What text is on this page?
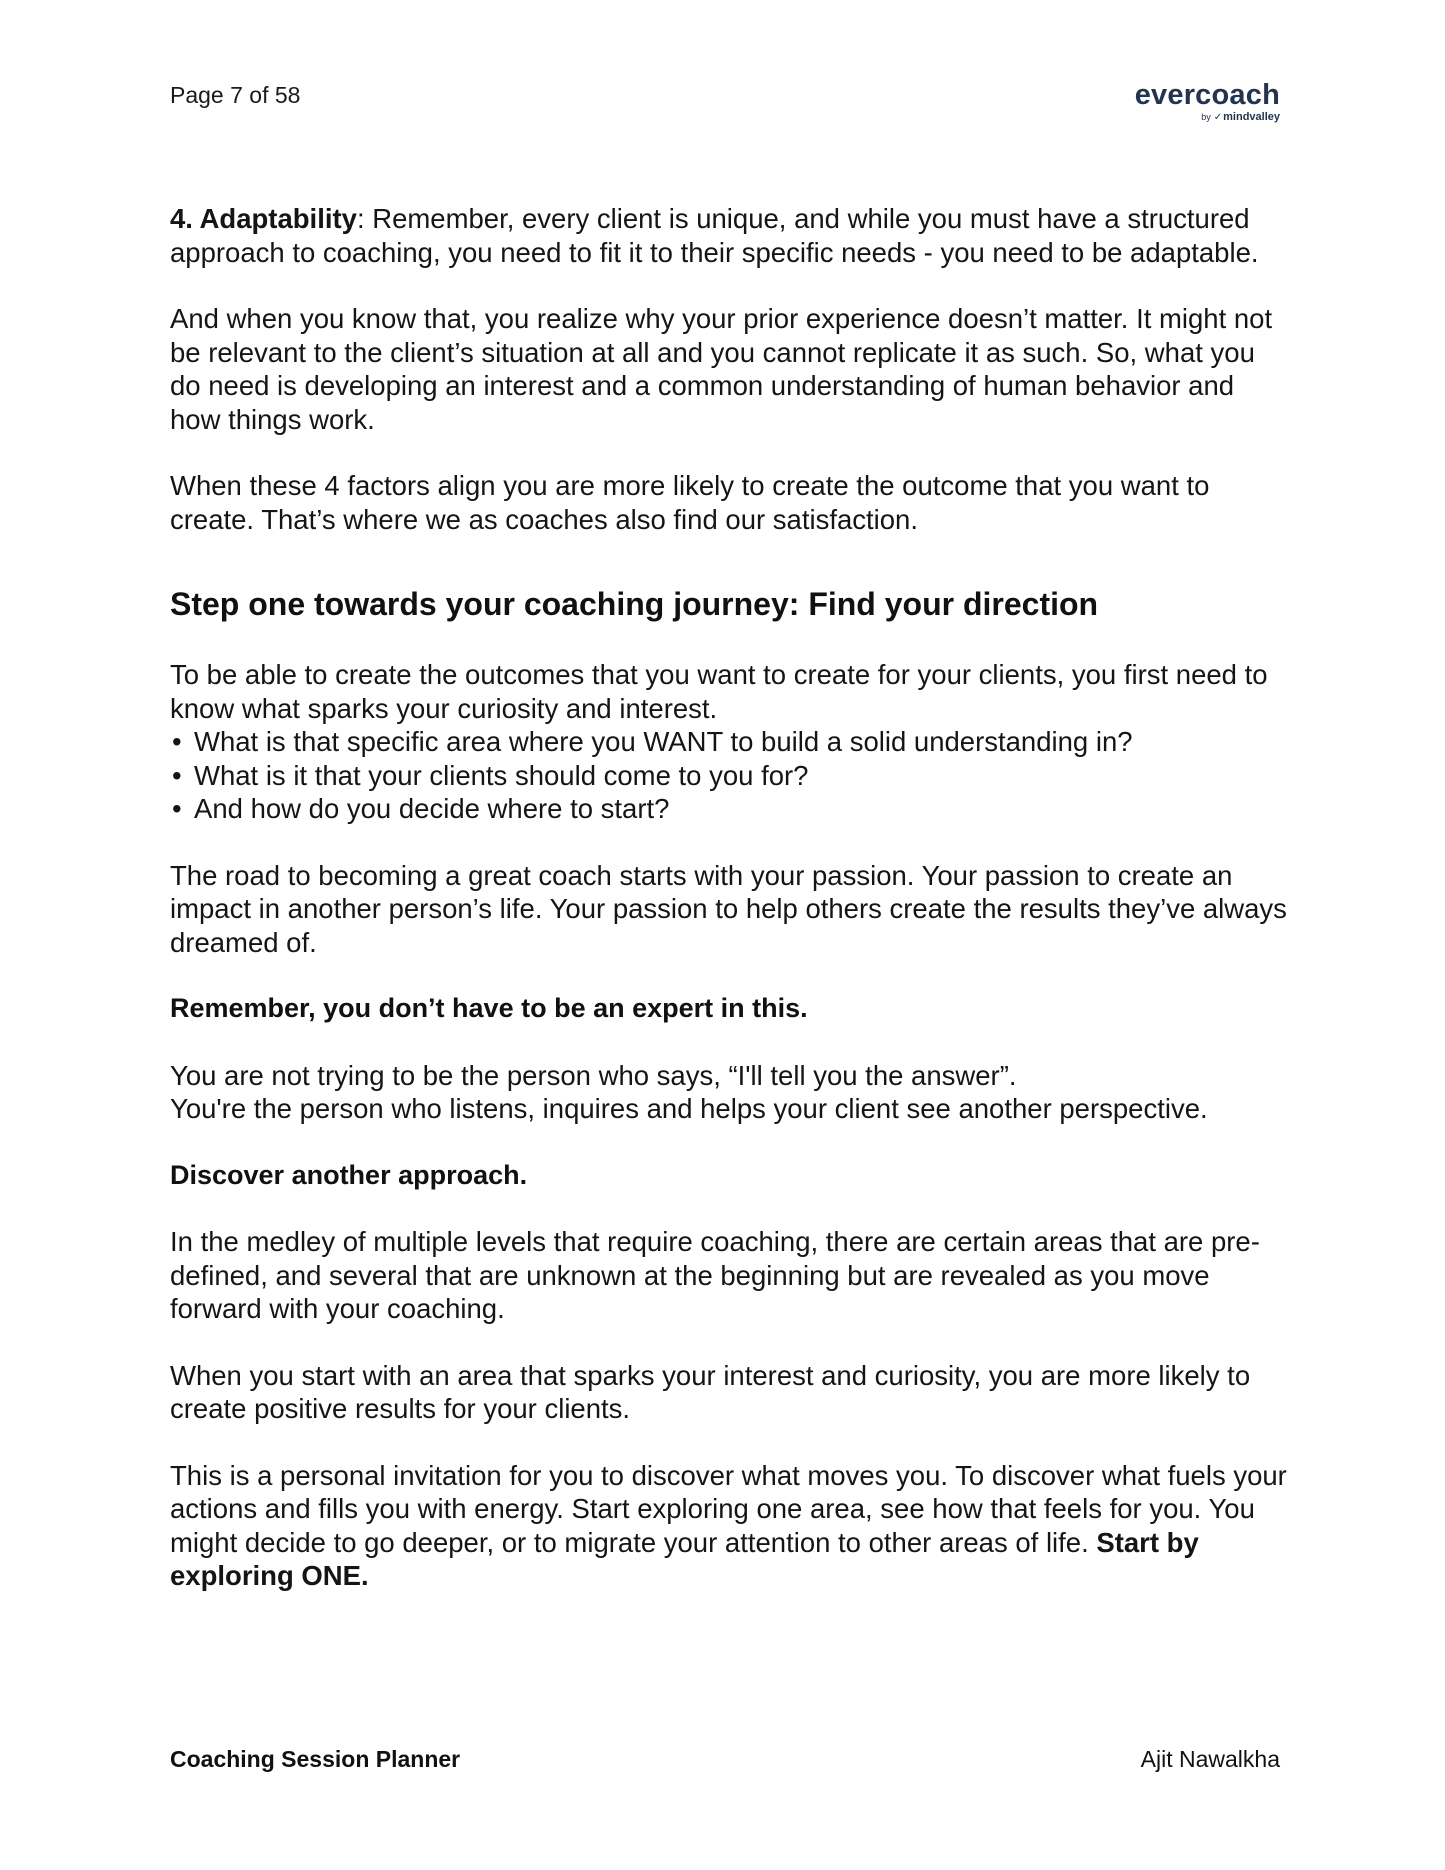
Page 7 of 58	evercoach
by ✓mindvalley

4. Adaptability: Remember, every client is unique, and while you must have a structured approach to coaching, you need to fit it to their specific needs - you need to be adaptable.

And when you know that, you realize why your prior experience doesn’t matter. It might not be relevant to the client’s situation at all and you cannot replicate it as such. So, what you do need is developing an interest and a common understanding of human behavior and how things work.

When these 4 factors align you are more likely to create the outcome that you want to create. That’s where we as coaches also find our satisfaction.

Step one towards your coaching journey: Find your direction
To be able to create the outcomes that you want to create for your clients, you first need to know what sparks your curiosity and interest.
• What is that specific area where you WANT to build a solid understanding in?
• What is it that your clients should come to you for?
• And how do you decide where to start?

The road to becoming a great coach starts with your passion. Your passion to create an impact in another person’s life. Your passion to help others create the results they’ve always dreamed of.

Remember, you don’t have to be an expert in this.

You are not trying to be the person who says, “I'll tell you the answer”.
You're the person who listens, inquires and helps your client see another perspective.

Discover another approach.

In the medley of multiple levels that require coaching, there are certain areas that are pre-defined, and several that are unknown at the beginning but are revealed as you move forward with your coaching.

When you start with an area that sparks your interest and curiosity, you are more likely to create positive results for your clients.

This is a personal invitation for you to discover what moves you. To discover what fuels your actions and fills you with energy. Start exploring one area, see how that feels for you. You might decide to go deeper, or to migrate your attention to other areas of life. Start by exploring ONE.

Coaching Session Planner	Ajit Nawalkha
